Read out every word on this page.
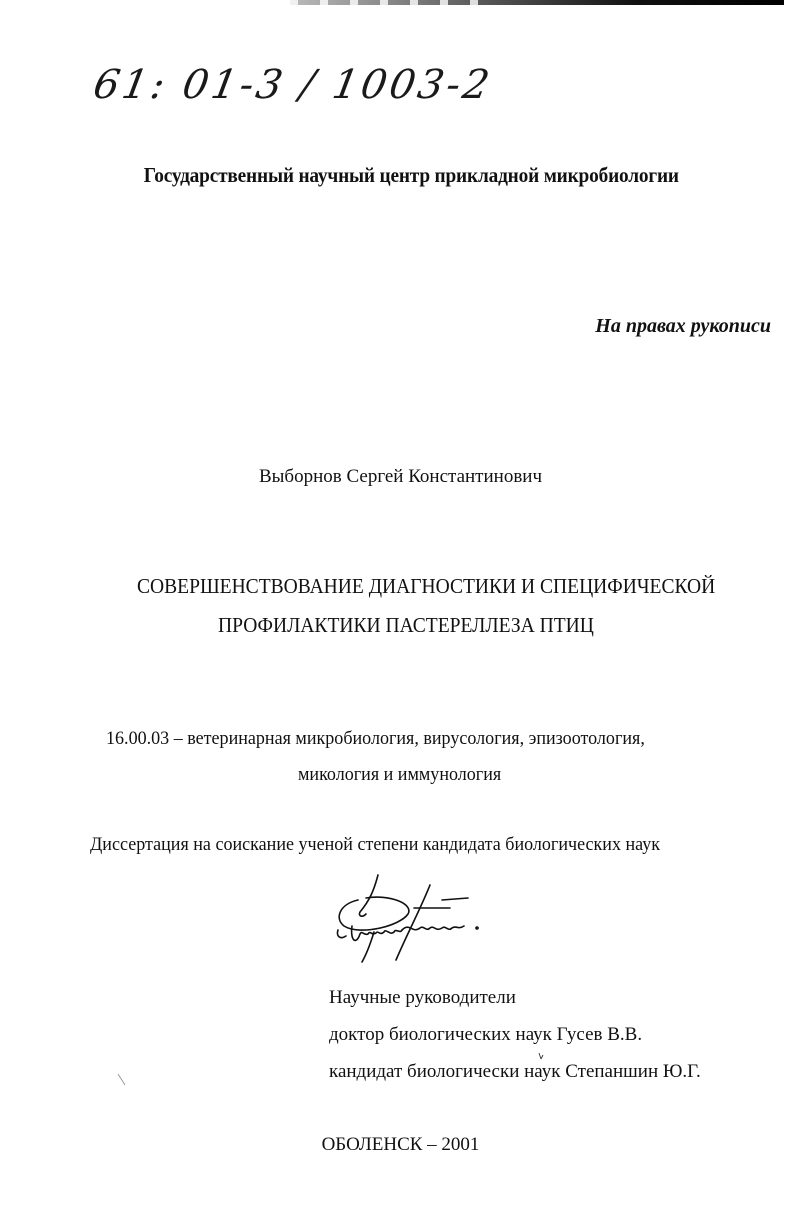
61: 01-3 / 1003-2
Государственный научный центр прикладной микробиологии
На правах рукописи
Выборнов Сергей Константинович
СОВЕРШЕНСТВОВАНИЕ ДИАГНОСТИКИ И СПЕЦИФИЧЕСКОЙ
ПРОФИЛАКТИКИ ПАСТЕРЕЛЛЕЗА ПТИЦ
16.00.03 – ветеринарная микробиология, вирусология, эпизоотология,
микология и иммунология
Диссертация на соискание ученой степени кандидата биологических наук
Научные руководители
доктор биологических наук Гусев В.В.
кандидат биологически наук Степаншин Ю.Г.
ОБОЛЕНСК – 2001
